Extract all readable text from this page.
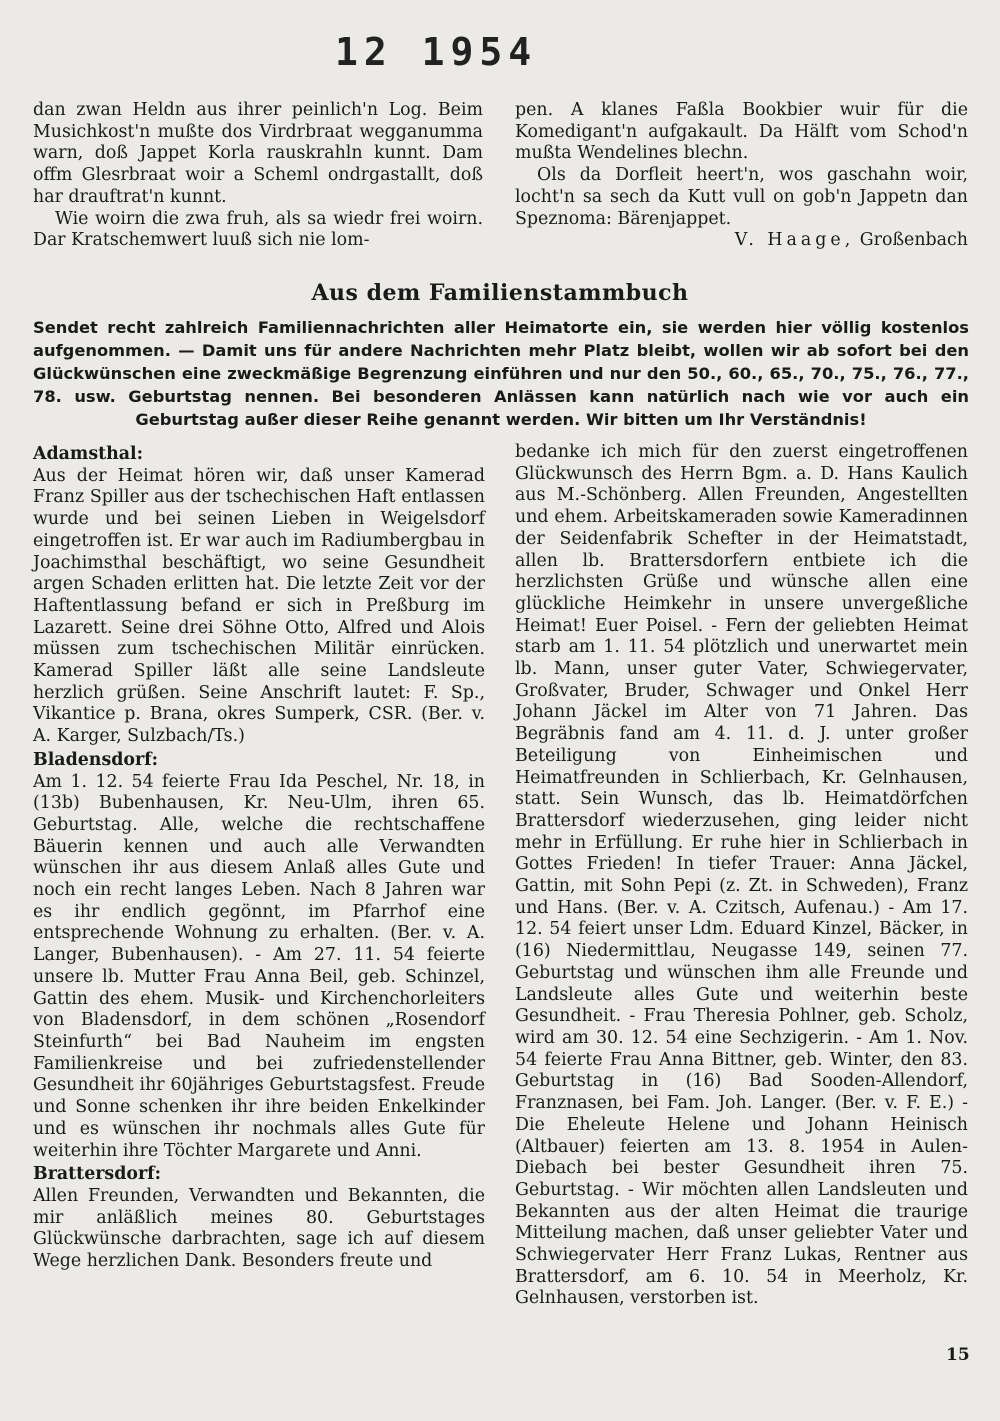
12 1954

dan zwan Heldn aus ihrer peinlich'n Log. Beim Musichkost'n mußte dos Virdrbraat wegganumma warn, doß Jappet Korla rauskrahln kunnt. Dam offm Glesrbraat woir a Scheml ondrgastallt, doß har drauftrat'n kunnt.

Wie woirn die zwa fruh, als sa wiedr frei woirn. Dar Kratschemwert luuß sich nie lom-

pen. A klanes Faßla Bookbier wuir für die Komedigant'n aufgakault. Da Hälft vom Schod'n mußta Wendelines blechn.

Ols da Dorfleit heert'n, wos gaschahn woir, locht'n sa sech da Kutt vull on gob'n Jappetn dan Speznoma: Bärenjappet.

V. Haage, Großenbach

Aus dem Familienstammbuch
Sendet recht zahlreich Familiennachrichten aller Heimatorte ein, sie werden hier völlig kostenlos aufgenommen. — Damit uns für andere Nachrichten mehr Platz bleibt, wollen wir ab sofort bei den Glückwünschen eine zweckmäßige Begrenzung einführen und nur den 50., 60., 65., 70., 75., 76., 77., 78. usw. Geburtstag nennen. Bei besonderen Anlässen kann natürlich nach wie vor auch ein Geburtstag außer dieser Reihe genannt werden. Wir bitten um Ihr Verständnis!
Adamsthal:

Aus der Heimat hören wir, daß unser Kamerad Franz Spiller aus der tschechischen Haft entlassen wurde und bei seinen Lieben in Weigelsdorf eingetroffen ist. Er war auch im Radiumbergbau in Joachimsthal beschäftigt, wo seine Gesundheit argen Schaden erlitten hat. Die letzte Zeit vor der Haftentlassung befand er sich in Preßburg im Lazarett. Seine drei Söhne Otto, Alfred und Alois müssen zum tschechischen Militär einrücken. Kamerad Spiller läßt alle seine Landsleute herzlich grüßen. Seine Anschrift lautet: F. Sp., Vikantice p. Brana, okres Sumperk, CSR. (Ber. v. A. Karger, Sulzbach/Ts.)

Bladensdorf:

Am 1. 12. 54 feierte Frau Ida Peschel, Nr. 18, in (13b) Bubenhausen, Kr. Neu-Ulm, ihren 65. Geburtstag. Alle, welche die rechtschaffene Bäuerin kennen und auch alle Verwandten wünschen ihr aus diesem Anlaß alles Gute und noch ein recht langes Leben. Nach 8 Jahren war es ihr endlich gegönnt, im Pfarrhof eine entsprechende Wohnung zu erhalten. (Ber. v. A. Langer, Bubenhausen). - Am 27. 11. 54 feierte unsere lb. Mutter Frau Anna Beil, geb. Schinzel, Gattin des ehem. Musik- und Kirchenchorleiters von Bladensdorf, in dem schönen „Rosendorf Steinfurth“ bei Bad Nauheim im engsten Familienkreise und bei zufriedenstellender Gesundheit ihr 60jähriges Geburtstagsfest. Freude und Sonne schenken ihr ihre beiden Enkelkinder und es wünschen ihr nochmals alles Gute für weiterhin ihre Töchter Margarete und Anni.

Brattersdorf:

Allen Freunden, Verwandten und Bekannten, die mir anläßlich meines 80. Geburtstages Glückwünsche darbrachten, sage ich auf diesem Wege herzlichen Dank. Besonders freute und

bedanke ich mich für den zuerst eingetroffenen Glückwunsch des Herrn Bgm. a. D. Hans Kaulich aus M.-Schönberg. Allen Freunden, Angestellten und ehem. Arbeitskameraden sowie Kameradinnen der Seidenfabrik Schefter in der Heimatstadt, allen lb. Brattersdorfern entbiete ich die herzlichsten Grüße und wünsche allen eine glückliche Heimkehr in unsere unvergeßliche Heimat! Euer Poisel. - Fern der geliebten Heimat starb am 1. 11. 54 plötzlich und unerwartet mein lb. Mann, unser guter Vater, Schwiegervater, Großvater, Bruder, Schwager und Onkel Herr Johann Jäckel im Alter von 71 Jahren. Das Begräbnis fand am 4. 11. d. J. unter großer Beteiligung von Einheimischen und Heimatfreunden in Schlierbach, Kr. Gelnhausen, statt. Sein Wunsch, das lb. Heimatdörfchen Brattersdorf wiederzusehen, ging leider nicht mehr in Erfüllung. Er ruhe hier in Schlierbach in Gottes Frieden! In tiefer Trauer: Anna Jäckel, Gattin, mit Sohn Pepi (z. Zt. in Schweden), Franz und Hans. (Ber. v. A. Czitsch, Aufenau.) - Am 17. 12. 54 feiert unser Ldm. Eduard Kinzel, Bäcker, in (16) Niedermittlau, Neugasse 149, seinen 77. Geburtstag und wünschen ihm alle Freunde und Landsleute alles Gute und weiterhin beste Gesundheit. - Frau Theresia Pohlner, geb. Scholz, wird am 30. 12. 54 eine Sechzigerin. - Am 1. Nov. 54 feierte Frau Anna Bittner, geb. Winter, den 83. Geburtstag in (16) Bad Sooden-Allendorf, Franznasen, bei Fam. Joh. Langer. (Ber. v. F. E.) - Die Eheleute Helene und Johann Heinisch (Altbauer) feierten am 13. 8. 1954 in Aulen-Diebach bei bester Gesundheit ihren 75. Geburtstag. - Wir möchten allen Landsleuten und Bekannten aus der alten Heimat die traurige Mitteilung machen, daß unser geliebter Vater und Schwiegervater Herr Franz Lukas, Rentner aus Brattersdorf, am 6. 10. 54 in Meerholz, Kr. Gelnhausen, verstorben ist.

15
